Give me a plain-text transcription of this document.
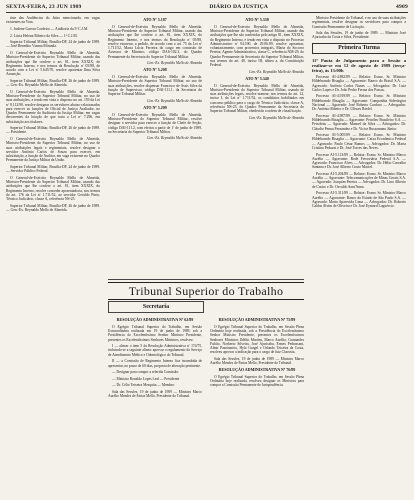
SEXTA-FEIRA, 23 JUN 1989	DIÁRIO DA JUSTIÇA	4909

tiste das Audiências do Juízo mencionada, em vagas existentes na Vara.

1. Juslene Guerra Cordeiro — Auditoria da 5ª C.J.M.

2. Lúcia Helena Ribeiro da Silva — 1ª C.J.M.

Superior Tribunal Militar, Brasília-DF, 24 de junho de 1989. — José Benedito Vianna Miranda.

O General-de-Exército Reynaldo Mello de Almeida, Ministro-Presidente do Superior Tribunal Militar, usando das atribuições que lhe confere o art. 81, item XXXIX, de Regimento Interno, e nos termos da Resolução nº 05/88, de acordo com a Lei nº 5.645/70, resolve aposentar Ilma Silva Assunção.

Superior Tribunal Militar, Brasília-DF, 26 de junho de 1989. — Gen.-Ex. Reynaldo Mello de Almeida.

O General-de-Exército Reynaldo Mello de Almeida, Ministro-Presidente do Superior Tribunal Militar, no uso de suas atribuições, e tendo em vista o disposto no art. 159 da Lei nº 8.112/90, resolve designar os servidores abaixo relacionados para exercer as funções de Oficial de Justiça Avaliador, no Quadro Permanente da Auditoria da Justiça Militar, em vagas decorrentes da lotação de que trata a Lei nº 7.296, em substituição aos titulares.

Superior Tribunal Militar, Brasília-DF, 26 de junho de 1989. — Presidente.

O General-de-Exército Reynaldo Mello de Almeida, Ministro-Presidente do Superior Tribunal Militar, no uso de suas atribuições legais e regimentais, resolve designar o servidor Antônio Carlos de Souza para exercer, em substituição, a função de Auditor, em vaga existente no Quadro Permanente da Justiça Militar da União.

Superior Tribunal Militar, Brasília-DF, 24 de junho de 1989. — Servidor Público Federal.

O General-de-Exército Reynaldo Mello de Almeida, Ministro-Presidente do Superior Tribunal Militar, usando das atribuições que lhe confere o art. 81, item XXXIX, do Regimento Interno, resolve conceder aposentadoria, nos termos do art. 176 da Lei nº 1.711/52, ao servidor Geraldo Pinto, Técnico Judiciário, classe A, referência NS-25.

Superior Tribunal Militar, Brasília-DF, 26 de junho de 1989. — Gen.-Ex. Reynaldo Mello de Almeida.

ATO Nº 5.187

O General-de-Exército Reynaldo Mello de Almeida, Ministro-Presidente do Superior Tribunal Militar, usando das atribuições que lhe confere o art. 81, item XXXIX, do Regimento Interno, e nos termos da Resolução nº 05/88, resolve exonerar, a pedido, de acordo com o art. 75 da Lei nº 1.711/52, Maria Lúcia Ferreira do cargo em comissão de Assessor de Ministro, código DAS-102.3, do Quadro Permanente da Secretaria do Superior Tribunal Militar.

Gen.-Ex. Reynaldo Mello de Almeida
ATO Nº 5.208

O General-de-Exército Reynaldo Mello de Almeida, Ministro-Presidente do Superior Tribunal Militar, no uso de suas atribuições, resolve dispensar Francisco de Assis Silva da função de Supervisor, código DAI-111.1, da Secretaria do Superior Tribunal Militar.

Gen.-Ex. Reynaldo Mello de Almeida
ATO Nº 5.209

O General-de-Exército Reynaldo Mello de Almeida, Ministro-Presidente do Superior Tribunal Militar, resolve designar o servidor para exercer a função de Chefe de Seção, código DAI-111.2, com efeitos a partir de 1º de junho de 1989, na Secretaria do Superior Tribunal Militar.

Gen.-Ex. Reynaldo Mello de Almeida
ATO Nº 5.338

O General-de-Exército Reynaldo Mello de Almeida, Ministro-Presidente do Superior Tribunal Militar, usando das atribuições que lhe são conferidas pelo artigo 81, item XXXIX, do Regimento Interno, e tendo em vista o disposto no Processo Administrativo nº 94.190, de 29.06.89, resolve aposentar, voluntariamente, com proventos integrais, Maria do Socorro Pereira, Agente Administrativo, classe C, referência NM-29, do Quadro Permanente da Secretaria do Superior Tribunal Militar, nos termos do art. 40, inciso III, alínea a, da Constituição Federal.

Gen.-Ex. Reynaldo Mello de Almeida
ATO Nº 5.340

O General-de-Exército Reynaldo Mello de Almeida, Ministro-Presidente do Superior Tribunal Militar, usando de suas atribuições legais, resolve nomear, nos termos do art. 12, inciso I, da Lei nº 1.711/52, os candidatos habilitados em concurso público para o cargo de Técnico Judiciário, classe A, referência NS-25, do Quadro Permanente da Secretaria do Superior Tribunal Militar, obedecida a ordem de classificação.

Gen.-Ex. Reynaldo Mello de Almeida
Tribunal Superior do Trabalho
Secretaria
RESOLUÇÃO ADMINISTRATIVA Nº 62/89

O Egrégio Tribunal Superior do Trabalho, em Sessão Extraordinária realizada em 19 de junho de 1989, sob a Presidência do Excelentíssimo Senhor Ministro Presidente, presentes os Excelentíssimos Senhores Ministros, resolveu:

I — alterar o item 5 da Resolução Administrativa nº 174/75, incluindo-se a seguinte alínea: aprovar o regulamento do Serviço de Atendimento Médico e Odontológico do Tribunal.

II — a Comissão de Regimento Interno fica incumbida de apresentar, no prazo de 60 dias, proposta de alteração pertinente.

— Designar para compor a referida Comissão:

— Ministro Ronaldo Lopes Leal — Presidente

— Dr. Célio Teixeira Mesquita — Membro

Sala das Sessões, 19 de junho de 1989 — Ministro Marco Aurélio Mendes de Farias Mello, Presidente do Tribunal.

RESOLUÇÃO ADMINISTRATIVA Nº 75/89

O Egrégio Tribunal Superior do Trabalho, em Sessão Plena Ordinária hoje realizada, sob a Presidência do Excelentíssimo Senhor Ministro Presidente, presentes os Excelentíssimos Senhores Ministros Ildélio Martins, Marco Aurélio, Guimarães Falcão, Norberto Silveira, José Ajuricaba, Ermes Pedrassani, Almir Pazzianotto, Hylo Gurgel e Orlando Teixeira da Costa, resolveu aprovar a indicação para o cargo de Juiz Classista.

Sala das Sessões, 19 de junho de 1989 — Ministro Marco Aurélio Mendes de Farias Mello, Presidente do Tribunal.

RESOLUÇÃO ADMINISTRATIVA Nº 76/89

O Egrégio Tribunal Superior do Trabalho, em Sessão Plena Ordinária hoje realizada, resolveu designar os Ministros para compor a Comissão Permanente de Jurisprudência.

Ministro Presidente do Tribunal, e no uso de suas atribuições regimentais, resolve designar os servidores para compor a Comissão Permanente de Licitação.

Sala das Sessões, 19 de junho de 1989. — Ministro José Ajuricaba da Costa e Silva, Presidente.

Primeira Turma

11ª Pauta de Julgamento para a Sessão a realizar-se em 12 de agosto de 1989 (terça-feira), às 13:00h

Processo AI-4.882/89 — Relator: Exmo. Sr. Ministro Hildebrando Bisaglia — Agravante: Banco do Brasil S.A. — Agravado: Antônio Carlos Nunes — Advogados: Dr. Luiz Carlos Lopes e Dr. João Pedro Ferraz dos Passos.

Processo AI-4.919/89 — Relator: Exmo. Sr. Ministro Hildebrando Bisaglia — Agravante: Companhia Siderúrgica Nacional — Agravado: José Roberto Cardoso — Advogados: Dr. Antônio Ribeiro e Dr. Ulisses Riedel.

Processo AI-4.987/89 — Relator: Exmo. Sr. Ministro Hildebrando Bisaglia — Agravante: Petróleo Brasileiro S.A. — Petrobrás — Agravado: Manoel da Silva — Advogados: Dr. Cláudio Penna Fernandez e Dr. Victor Russomano Júnior.

Processo AI-5.005/89 — Relator: Exmo. Sr. Ministro Hildebrando Bisaglia — Agravante: Caixa Econômica Federal — Agravado: Paulo César Ramos — Advogados: Dr. Maria Cristina Peduzzi e Dr. José Torres das Neves.

Processo AI-5.113/89 — Relator: Exmo. Sr. Ministro Marco Aurélio — Agravante: Rede Ferroviária Federal S.A. — Agravado: Francisco Alves — Advogados: Dr. Hélio Carvalho Santana e Dr. José Alberto Couto Maciel.

Processo AI-5.204/89 — Relator: Exmo. Sr. Ministro Marco Aurélio — Agravante: Telecomunicações de Minas Gerais S.A. — Agravado: Joaquim Pereira — Advogados: Dr. Lino Alberto de Castro e Dr. Osvaldo Sant'Anna.

Processo AI-5.311/89 — Relator: Exmo. Sr. Ministro Marco Aurélio — Agravante: Banco do Estado de São Paulo S.A. — Agravado: Maria Aparecida Lima — Advogados: Dr. Roberto Caldas Alvim de Oliveira e Dr. José Eymard Loguércio.
